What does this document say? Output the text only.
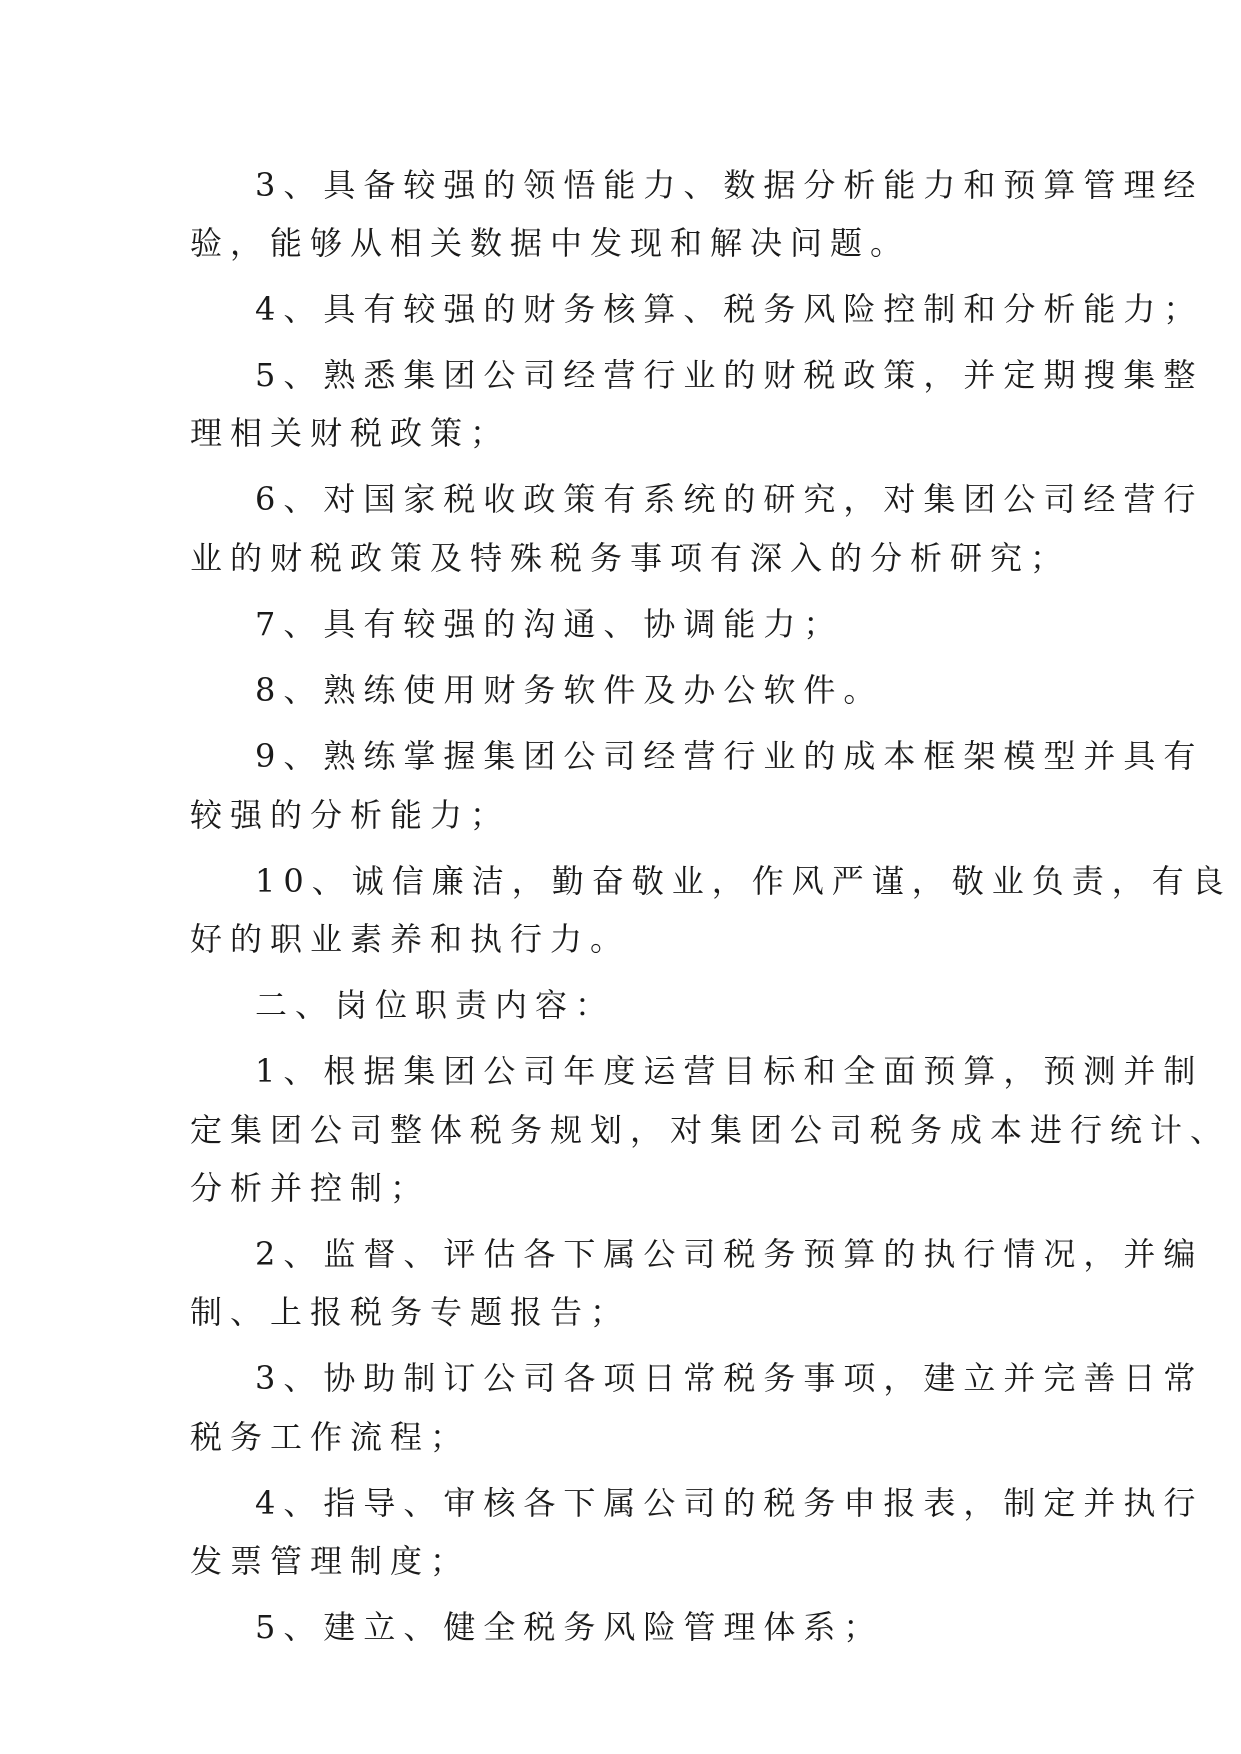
3、具备较强的领悟能力、数据分析能力和预算管理经
验，能够从相关数据中发现和解决问题。
4、具有较强的财务核算、税务风险控制和分析能力；
5、熟悉集团公司经营行业的财税政策，并定期搜集整
理相关财税政策；
6、对国家税收政策有系统的研究，对集团公司经营行
业的财税政策及特殊税务事项有深入的分析研究；
7、具有较强的沟通、协调能力；
8、熟练使用财务软件及办公软件。
9、熟练掌握集团公司经营行业的成本框架模型并具有
较强的分析能力；
10、诚信廉洁，勤奋敬业，作风严谨，敬业负责，有良
好的职业素养和执行力。
二、岗位职责内容：
1、根据集团公司年度运营目标和全面预算，预测并制
定集团公司整体税务规划，对集团公司税务成本进行统计、
分析并控制；
2、监督、评估各下属公司税务预算的执行情况，并编
制、上报税务专题报告；
3、协助制订公司各项日常税务事项，建立并完善日常
税务工作流程；
4、指导、审核各下属公司的税务申报表，制定并执行
发票管理制度；
5、建立、健全税务风险管理体系；
